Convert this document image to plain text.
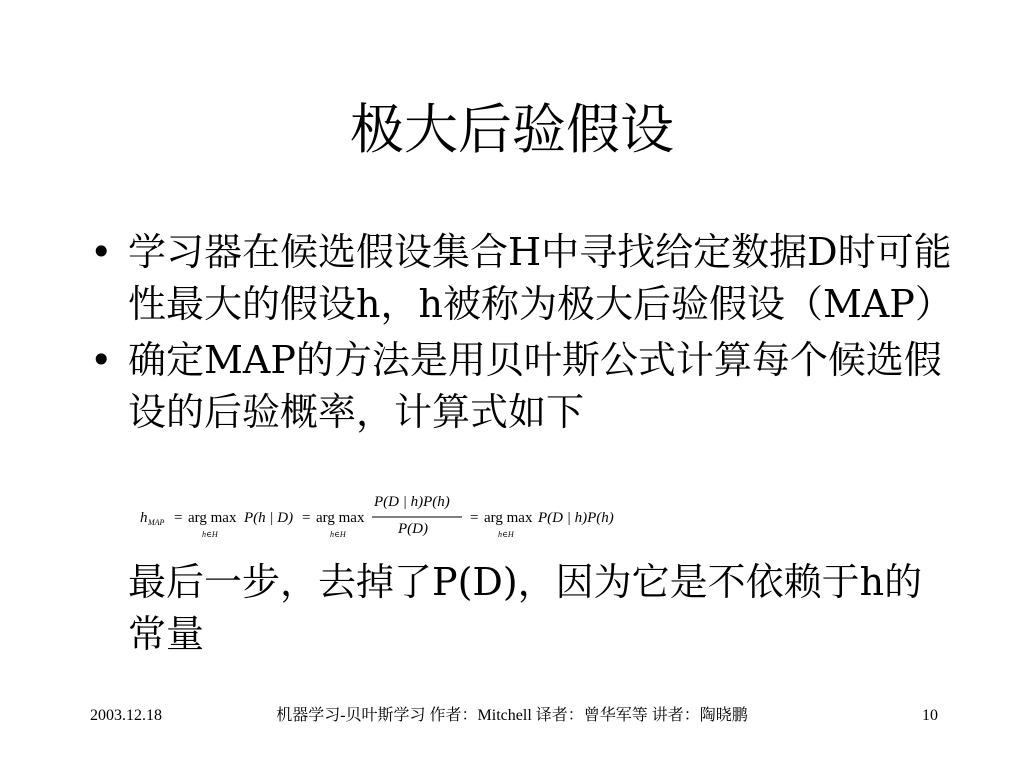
极大后验假设
• 学习器在候选假设集合H中寻找给定数据D时可能性最大的假设h，h被称为极大后验假设（MAP）
• 确定MAP的方法是用贝叶斯公式计算每个候选假设的后验概率，计算式如下
h MAP = arg max
h∈H
P(h | D) = arg max
h∈H
P(D | h)P(h)
P(D)
= arg max
h∈H
P(D | h)P(h)

最后一步，去掉了P(D)，因为它是不依赖于h的常量

2003.12.18	机器学习-贝叶斯学习 作者：Mitchell 译者：曾华军等 讲者：陶晓鹏	10
